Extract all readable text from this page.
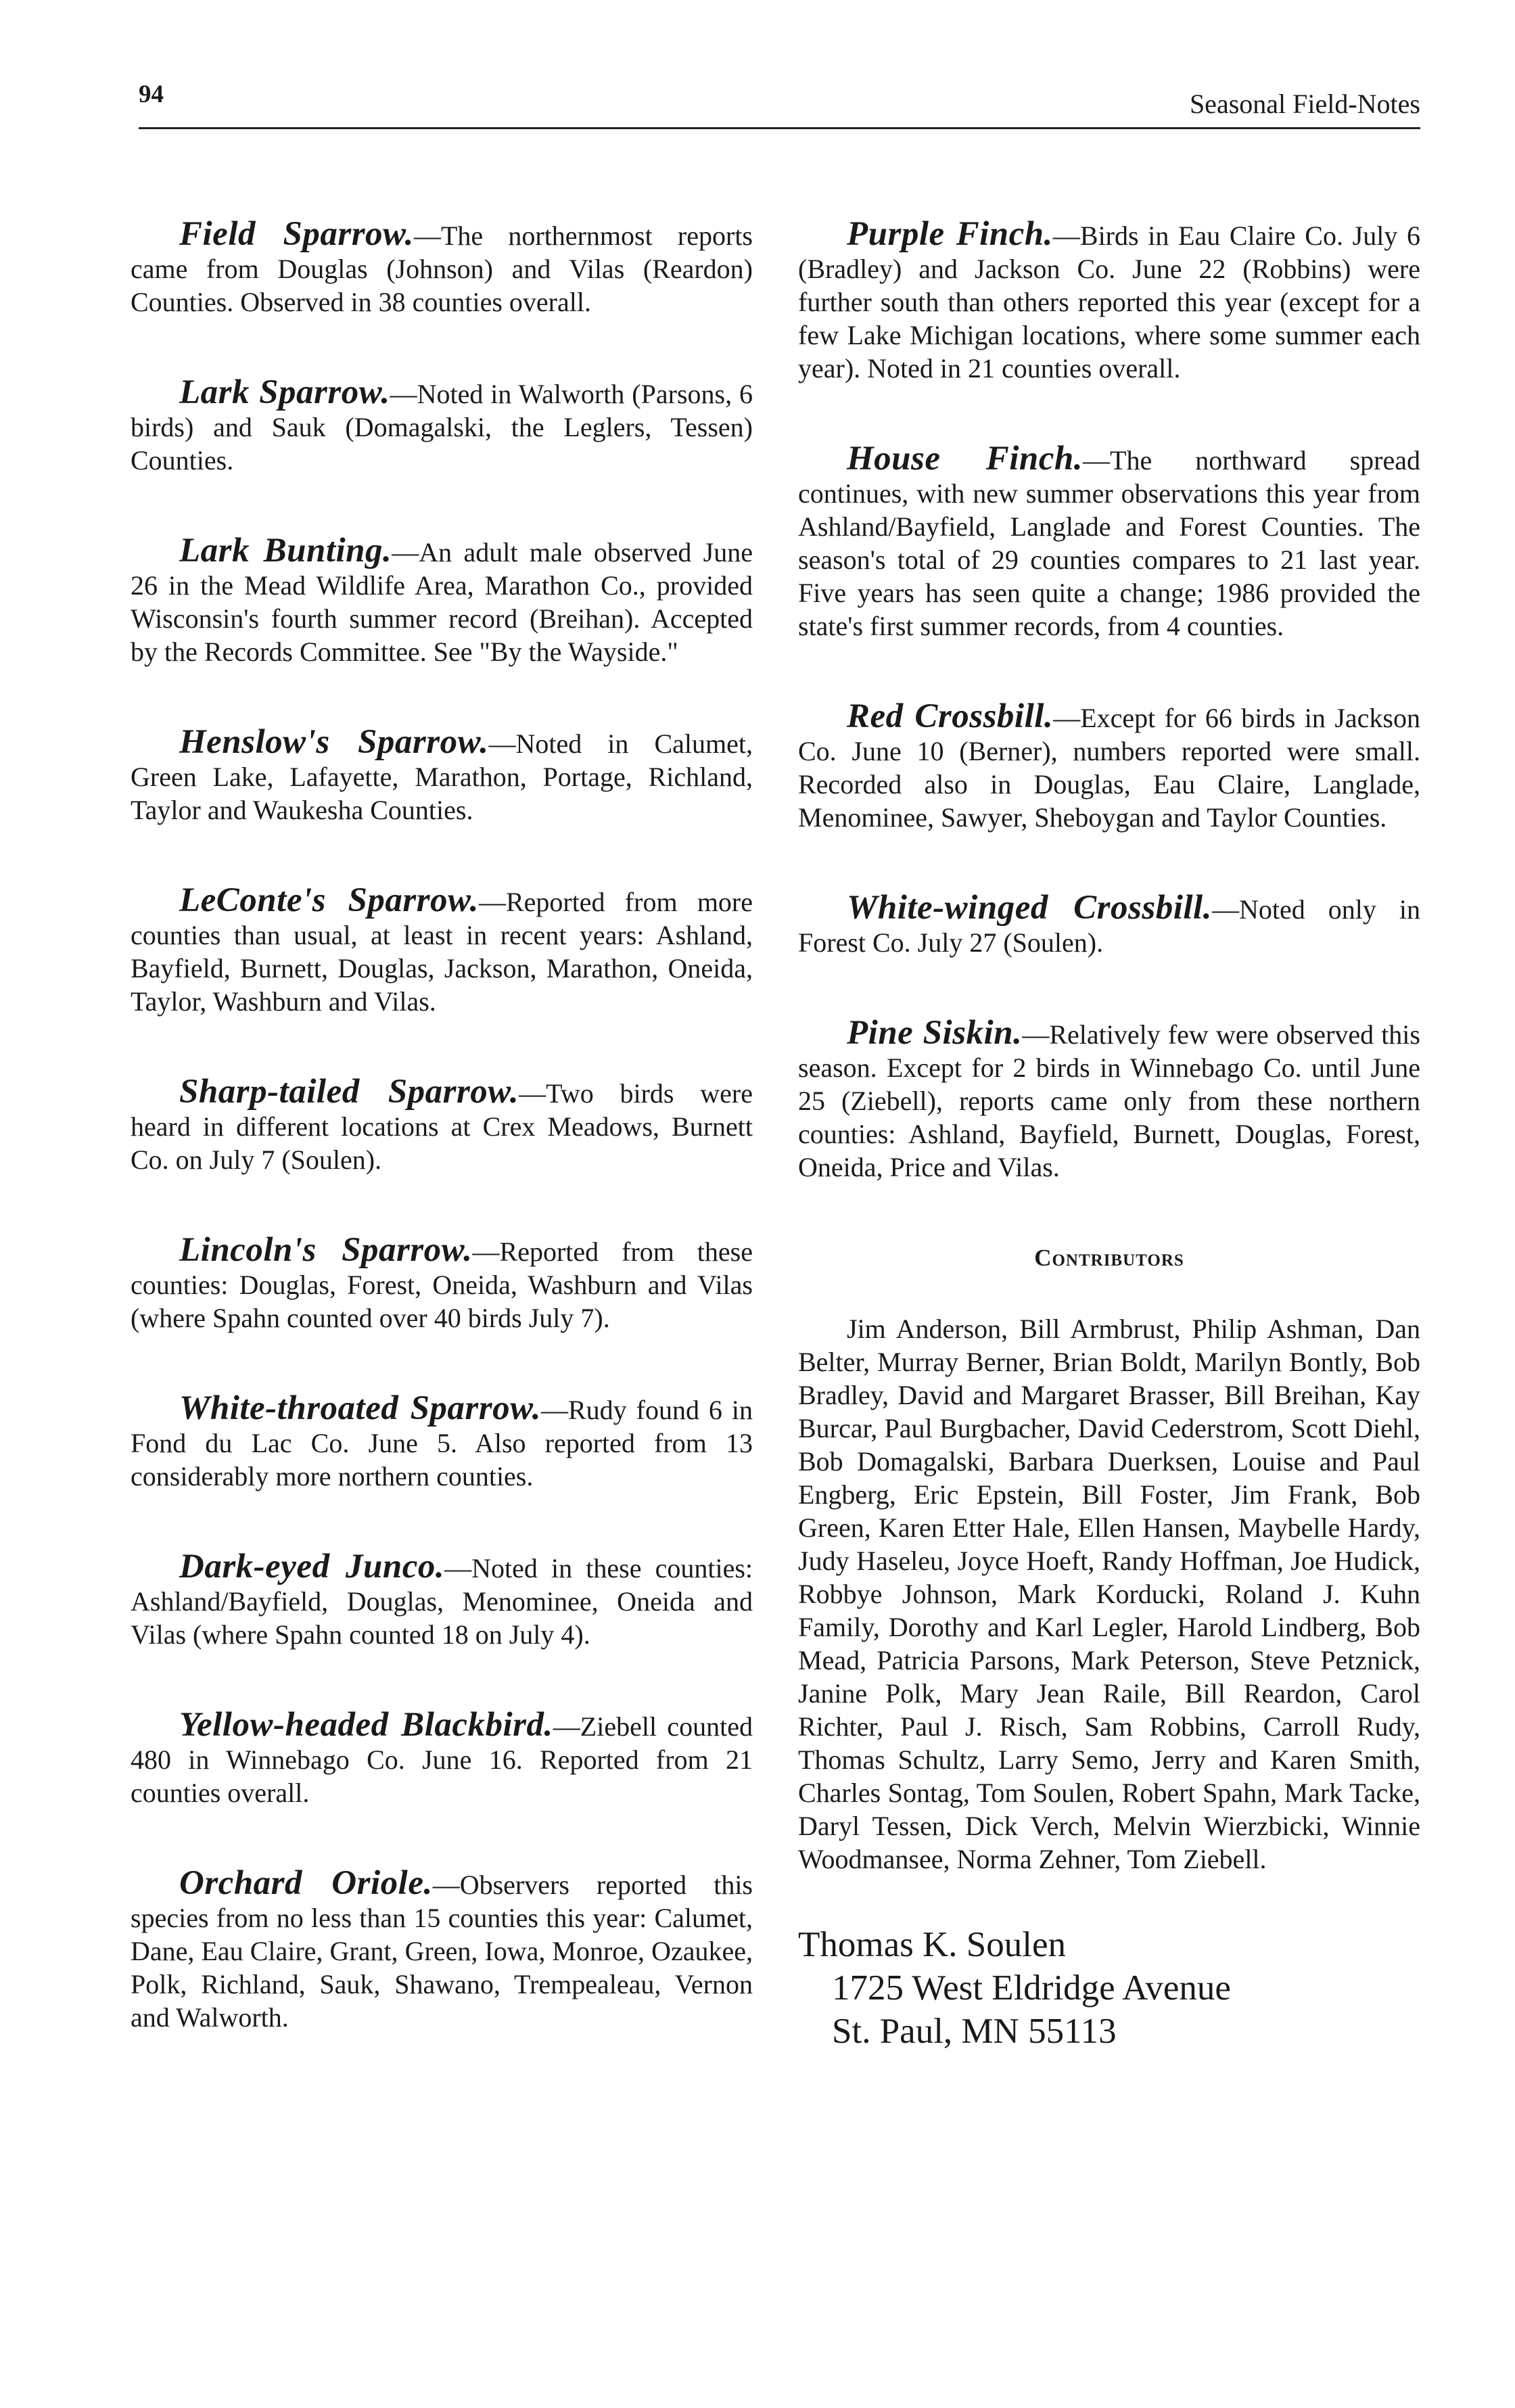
94	Seasonal Field-Notes

Field Sparrow.—The northernmost reports came from Douglas (Johnson) and Vilas (Reardon) Counties. Observed in 38 counties overall.

Lark Sparrow.—Noted in Walworth (Parsons, 6 birds) and Sauk (Domagalski, the Leglers, Tessen) Counties.

Lark Bunting.—An adult male observed June 26 in the Mead Wildlife Area, Marathon Co., provided Wisconsin's fourth summer record (Breihan). Accepted by the Records Committee. See "By the Wayside."

Henslow's Sparrow.—Noted in Calumet, Green Lake, Lafayette, Marathon, Portage, Richland, Taylor and Waukesha Counties.

LeConte's Sparrow.—Reported from more counties than usual, at least in recent years: Ashland, Bayfield, Burnett, Douglas, Jackson, Marathon, Oneida, Taylor, Washburn and Vilas.

Sharp-tailed Sparrow.—Two birds were heard in different locations at Crex Meadows, Burnett Co. on July 7 (Soulen).

Lincoln's Sparrow.—Reported from these counties: Douglas, Forest, Oneida, Washburn and Vilas (where Spahn counted over 40 birds July 7).

White-throated Sparrow.—Rudy found 6 in Fond du Lac Co. June 5. Also reported from 13 considerably more northern counties.

Dark-eyed Junco.—Noted in these counties: Ashland/Bayfield, Douglas, Menominee, Oneida and Vilas (where Spahn counted 18 on July 4).

Yellow-headed Blackbird.—Ziebell counted 480 in Winnebago Co. June 16. Reported from 21 counties overall.

Orchard Oriole.—Observers reported this species from no less than 15 counties this year: Calumet, Dane, Eau Claire, Grant, Green, Iowa, Monroe, Ozaukee, Polk, Richland, Sauk, Shawano, Trempealeau, Vernon and Walworth.

Purple Finch.—Birds in Eau Claire Co. July 6 (Bradley) and Jackson Co. June 22 (Robbins) were further south than others reported this year (except for a few Lake Michigan locations, where some summer each year). Noted in 21 counties overall.

House Finch.—The northward spread continues, with new summer observations this year from Ashland/Bayfield, Langlade and Forest Counties. The season's total of 29 counties compares to 21 last year. Five years has seen quite a change; 1986 provided the state's first summer records, from 4 counties.

Red Crossbill.—Except for 66 birds in Jackson Co. June 10 (Berner), numbers reported were small. Recorded also in Douglas, Eau Claire, Langlade, Menominee, Sawyer, Sheboygan and Taylor Counties.

White-winged Crossbill.—Noted only in Forest Co. July 27 (Soulen).

Pine Siskin.—Relatively few were observed this season. Except for 2 birds in Winnebago Co. until June 25 (Ziebell), reports came only from these northern counties: Ashland, Bayfield, Burnett, Douglas, Forest, Oneida, Price and Vilas.

Contributors

Jim Anderson, Bill Armbrust, Philip Ashman, Dan Belter, Murray Berner, Brian Boldt, Marilyn Bontly, Bob Bradley, David and Margaret Brasser, Bill Breihan, Kay Burcar, Paul Burgbacher, David Cederstrom, Scott Diehl, Bob Domagalski, Barbara Duerksen, Louise and Paul Engberg, Eric Epstein, Bill Foster, Jim Frank, Bob Green, Karen Etter Hale, Ellen Hansen, Maybelle Hardy, Judy Haseleu, Joyce Hoeft, Randy Hoffman, Joe Hudick, Robbye Johnson, Mark Korducki, Roland J. Kuhn Family, Dorothy and Karl Legler, Harold Lindberg, Bob Mead, Patricia Parsons, Mark Peterson, Steve Petznick, Janine Polk, Mary Jean Raile, Bill Reardon, Carol Richter, Paul J. Risch, Sam Robbins, Carroll Rudy, Thomas Schultz, Larry Semo, Jerry and Karen Smith, Charles Sontag, Tom Soulen, Robert Spahn, Mark Tacke, Daryl Tessen, Dick Verch, Melvin Wierzbicki, Winnie Woodmansee, Norma Zehner, Tom Ziebell.

Thomas K. Soulen
1725 West Eldridge Avenue
St. Paul, MN 55113
